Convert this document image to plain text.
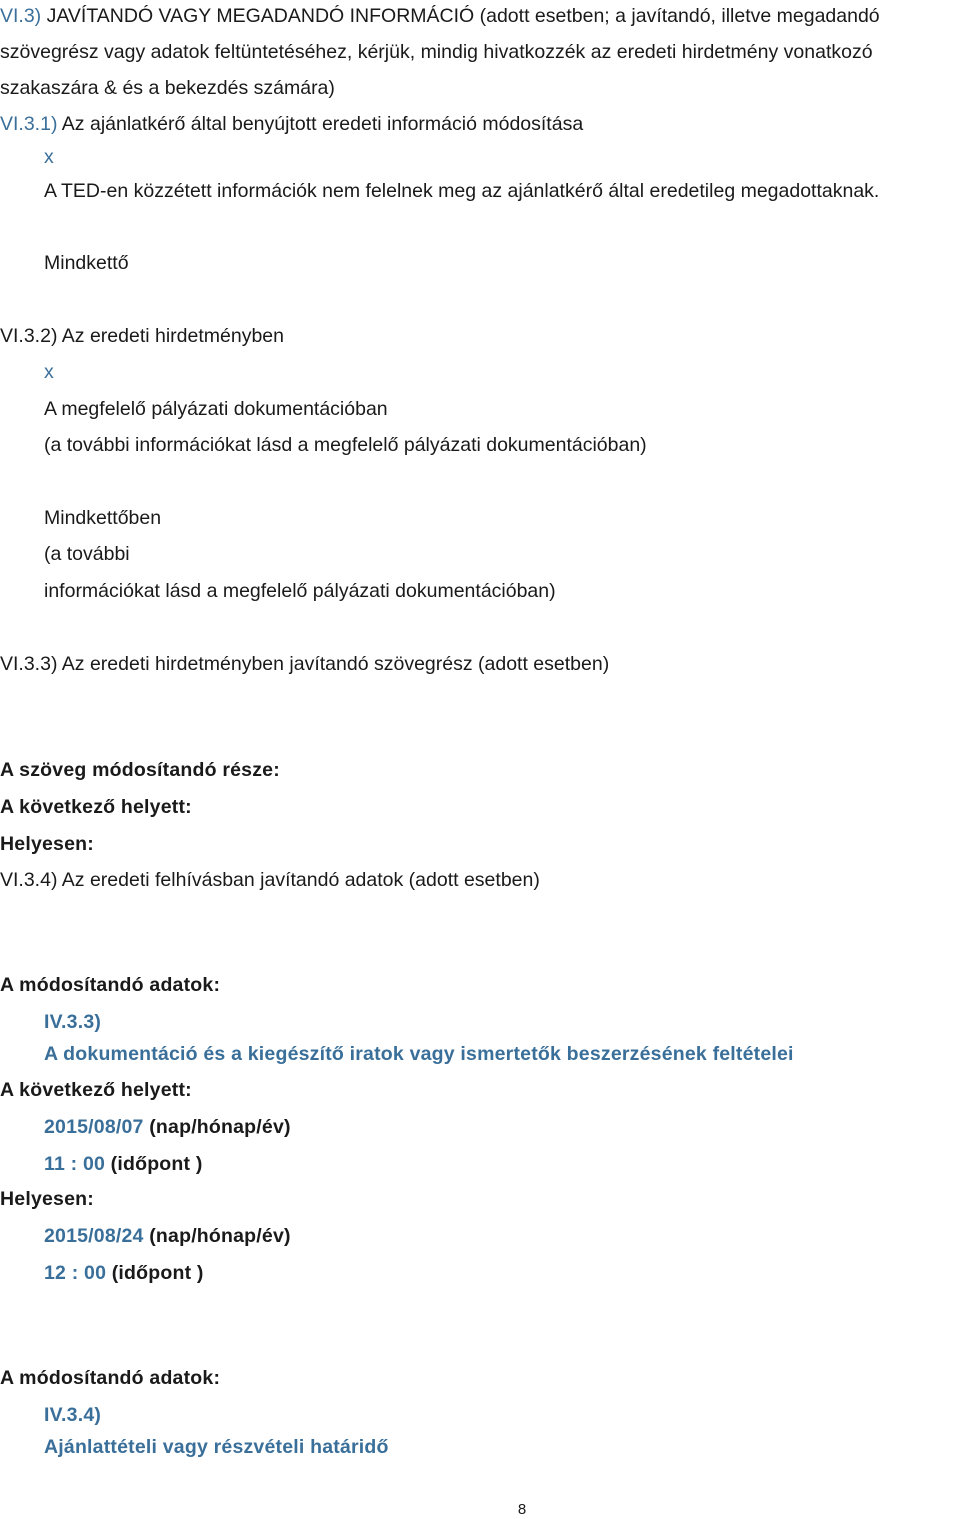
VI.3) JAVÍTANDÓ VAGY MEGADANDÓ INFORMÁCIÓ (adott esetben; a javítandó, illetve megadandó
szövegrész vagy adatok feltüntetéséhez, kérjük, mindig hivatkozzék az eredeti hirdetmény vonatkozó
szakaszára & és a bekezdés számára)
VI.3.1) Az ajánlatkérő által benyújtott eredeti információ módosítása
x
A TED-en közzétett információk nem felelnek meg az ajánlatkérő által eredetileg megadottaknak.
Mindkettő
VI.3.2) Az eredeti hirdetményben
x
A megfelelő pályázati dokumentációban
(a további információkat lásd a megfelelő pályázati dokumentációban)
Mindkettőben
(a további
információkat lásd a megfelelő pályázati dokumentációban)
VI.3.3) Az eredeti hirdetményben javítandó szövegrész (adott esetben)
A szöveg módosítandó része:
A következő helyett:
Helyesen:
VI.3.4) Az eredeti felhívásban javítandó adatok (adott esetben)
A módosítandó adatok:
IV.3.3)
A dokumentáció és a kiegészítő iratok vagy ismertetők beszerzésének feltételei
A következő helyett:
2015/08/07 (nap/hónap/év)
11 : 00 (időpont )
Helyesen:
2015/08/24 (nap/hónap/év)
12 : 00 (időpont )
A módosítandó adatok:
IV.3.4)
Ajánlattételi vagy részvételi határidő
8
